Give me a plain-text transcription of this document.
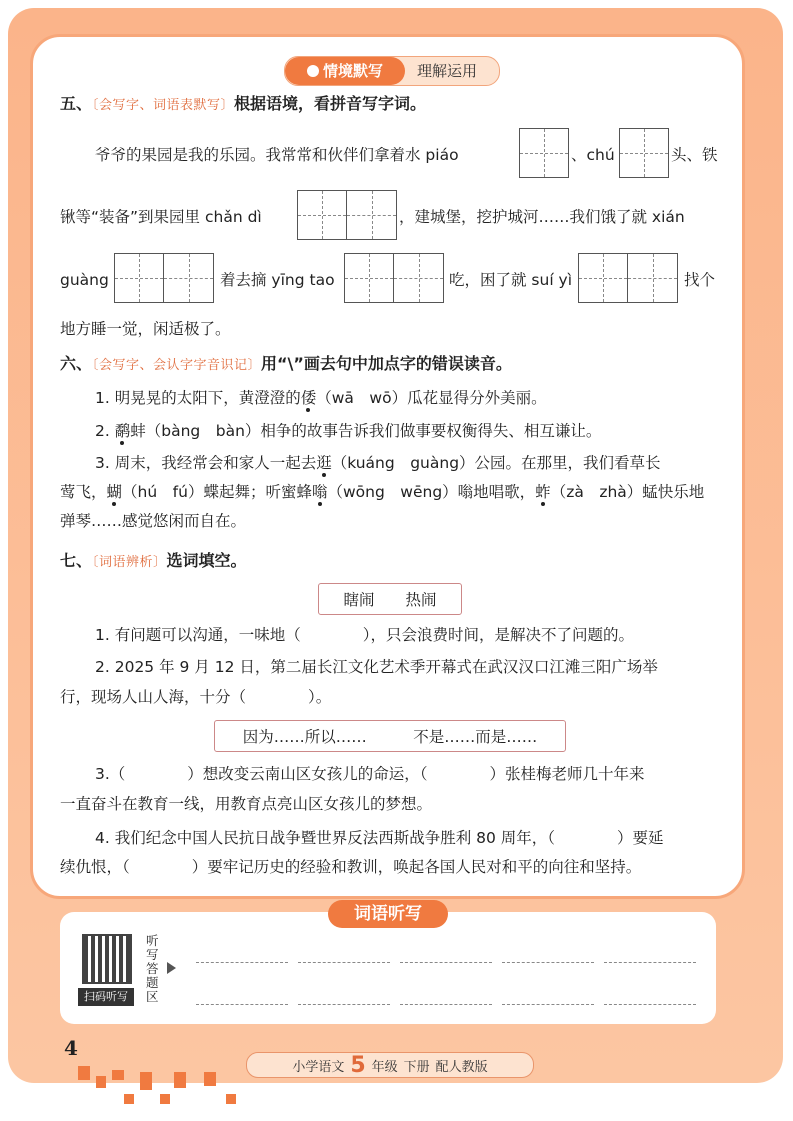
情境默写	理解运用
五、〔会写字、词语表默写〕根据语境，看拼音写字词。
爷爷的果园是我的乐园。我常常和伙伴们拿着水 piáo	、chú	头、铁
锹等“装备”到果园里 chǎn dì	，建城堡，挖护城河……我们饿了就 xián
guàng	着去摘 yīng tao	吃，困了就 suí yì	找个
地方睡一觉，闲适极了。
六、〔会写字、会认字字音识记〕用“\”画去句中加点字的错误读音。
1. 明晃晃的太阳下，黄澄澄的倭（wā　wō）瓜花显得分外美丽。
2. 鹬蚌（bàng　bàn）相争的故事告诉我们做事要权衡得失、相互谦让。
3. 周末，我经常会和家人一起去逛（kuáng　guàng）公园。在那里，我们看草长
莺飞，蝴（hú　fú）蝶起舞；听蜜蜂嗡（wōng　wēng）嗡地唱歌，蚱（zà　zhà）蜢快乐地
弹琴……感觉悠闲而自在。
七、〔词语辨析〕选词填空。
瞎闹　　热闹
1. 有问题可以沟通，一味地（　　　　），只会浪费时间，是解决不了问题的。
2. 2025 年 9 月 12 日，第二届长江文化艺术季开幕式在武汉汉口江滩三阳广场举
行，现场人山人海，十分（　　　　）。
因为……所以……　　　不是……而是……
3.（　　　　）想改变云南山区女孩儿的命运，（　　　　）张桂梅老师几十年来
一直奋斗在教育一线，用教育点亮山区女孩儿的梦想。
4. 我们纪念中国人民抗日战争暨世界反法西斯战争胜利 80 周年，（　　　　）要延
续仇恨，（　　　　）要牢记历史的经验和教训，唤起各国人民对和平的向往和坚持。
词语听写
扫码听写
听写答题区
4
小学语文 5 年级 下册 配人教版
